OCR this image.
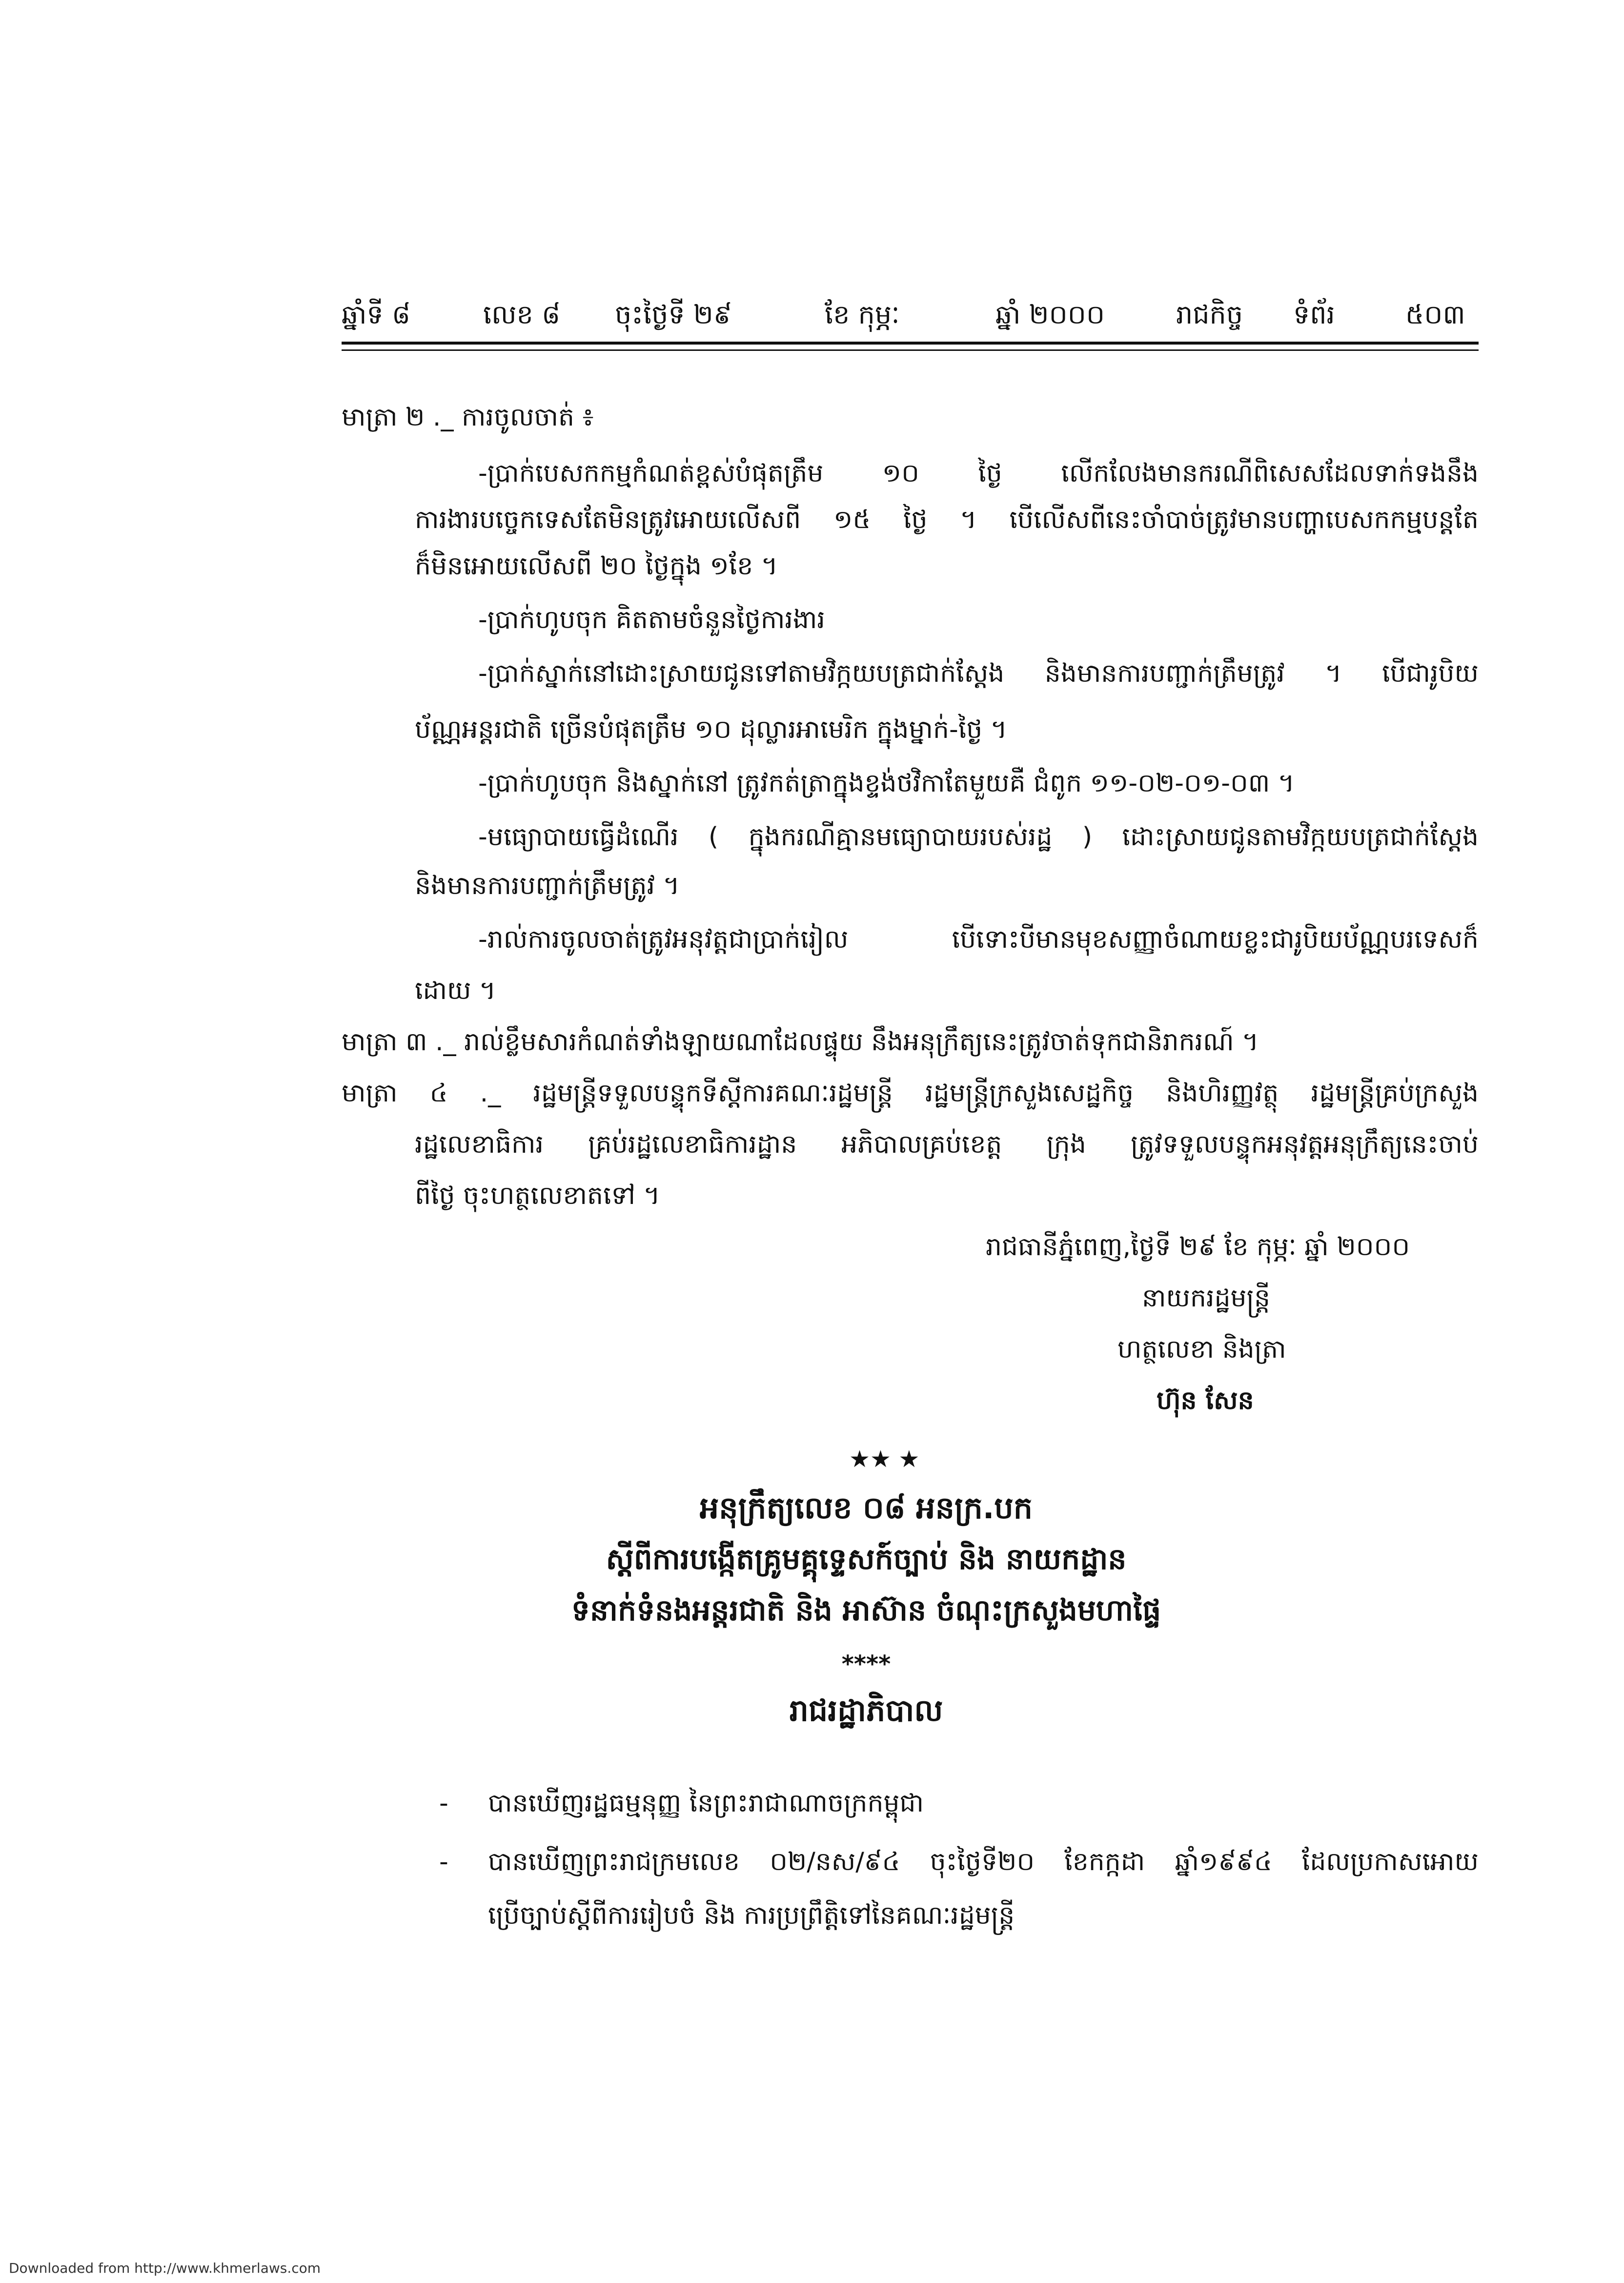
ឆ្នាំទី ៨	លេខ ៨ ចុះថ្ងៃទី ២៩	ខែ កុម្ភៈ	ឆ្នាំ ២០០០	រាជកិច្ច ទំព័រ	៥០៣
មាត្រា ២ ._ ការចូលចាត់ ៖
-ប្រាក់បេសកកម្មកំណត់ខ្ពស់បំផុតត្រឹម ១០ ថ្ងៃ លើកលែងមានករណីពិសេសដែលទាក់ទងនឹង
ការងារបច្ចេកទេសតែមិនត្រូវអោយលើសពី ១៥ ថ្ងៃ ។ បើលើសពីនេះចាំបាច់ត្រូវមានបញ្ហាបេសកកម្មបន្តតែ
ក៏មិនអោយលើសពី ២០ ថ្ងៃក្នុង ១ខែ ។
-ប្រាក់ហូបចុក គិតតាមចំនួនថ្ងៃការងារ
-ប្រាក់ស្នាក់នៅដោះស្រាយជូនទៅតាមវិក្កយបត្រជាក់ស្តែង និងមានការបញ្ជាក់ត្រឹមត្រូវ ។ បើជារូបិយ
ប័ណ្ណអន្តរជាតិ ច្រើនបំផុតត្រឹម ១០ ដុល្លារអាមេរិក ក្នុងម្នាក់-ថ្ងៃ ។
-ប្រាក់ហូបចុក និងស្នាក់នៅ ត្រូវកត់ត្រាក្នុងខ្ទង់ថវិកាតែមួយគឺ ជំពូក ១១-០២-០១-០៣ ។
-មធ្យោបាយធ្វើដំណើរ ( ក្នុងករណីគ្មានមធ្យោបាយរបស់រដ្ឋ ) ដោះស្រាយជូនតាមវិក្កយបត្រជាក់ស្តែង
និងមានការបញ្ជាក់ត្រឹមត្រូវ ។
-រាល់ការចូលចាត់ត្រូវអនុវត្តជាប្រាក់រៀល បើទោះបីមានមុខសញ្ញាចំណាយខ្លះជារូបិយប័ណ្ណបរទេសក៏
ដោយ ។
មាត្រា ៣ ._ រាល់ខ្លឹមសារកំណត់ទាំងឡាយណាដែលផ្ទុយ នឹងអនុក្រឹត្យនេះត្រូវចាត់ទុកជានិរាករណ៍ ។
មាត្រា ៤ ._ រដ្ឋមន្ត្រីទទួលបន្ទុកទីស្តីការគណៈរដ្ឋមន្ត្រី រដ្ឋមន្ត្រីក្រសួងសេដ្ឋកិច្ច និងហិរញ្ញវត្ថុ រដ្ឋមន្ត្រីគ្រប់ក្រសួង
រដ្ឋលេខាធិការ គ្រប់រដ្ឋលេខាធិការដ្ឋាន អភិបាលគ្រប់ខេត្ត ក្រុង ត្រូវទទួលបន្ទុកអនុវត្តអនុក្រឹត្យនេះចាប់
ពីថ្ងៃ ចុះហត្ថលេខាតទៅ ។
រាជធានីភ្នំពេញ,ថ្ងៃទី ២៩ ខែ កុម្ភៈ ឆ្នាំ ២០០០
នាយករដ្ឋមន្ត្រី
ហត្ថលេខា និងត្រា
ហ៊ុន សែន
★★ ★
អនុក្រឹត្យលេខ ០៨ អនក្រ.បក
ស្តីពីការបង្កើតគ្រូមគ្គុទ្ទេសក៍ច្បាប់ និង នាយកដ្ឋាន
ទំនាក់ទំនងអន្តរជាតិ និង អាស៊ាន ចំណុះក្រសួងមហាផ្ទៃ
****
រាជរដ្ឋាភិបាល
- បានឃើញរដ្ឋធម្មនុញ្ញ នៃព្រះរាជាណាចក្រកម្ពុជា
- បានឃើញព្រះរាជក្រមលេខ ០២/នស/៩៤ ចុះថ្ងៃទី២០ ខែកក្កដា ឆ្នាំ១៩៩៤ ដែលប្រកាសអោយ
ប្រើច្បាប់ស្តីពីការរៀបចំ និង ការប្រព្រឹត្តិទៅនៃគណៈរដ្ឋមន្ត្រី
Downloaded from http://www.khmerlaws.com
